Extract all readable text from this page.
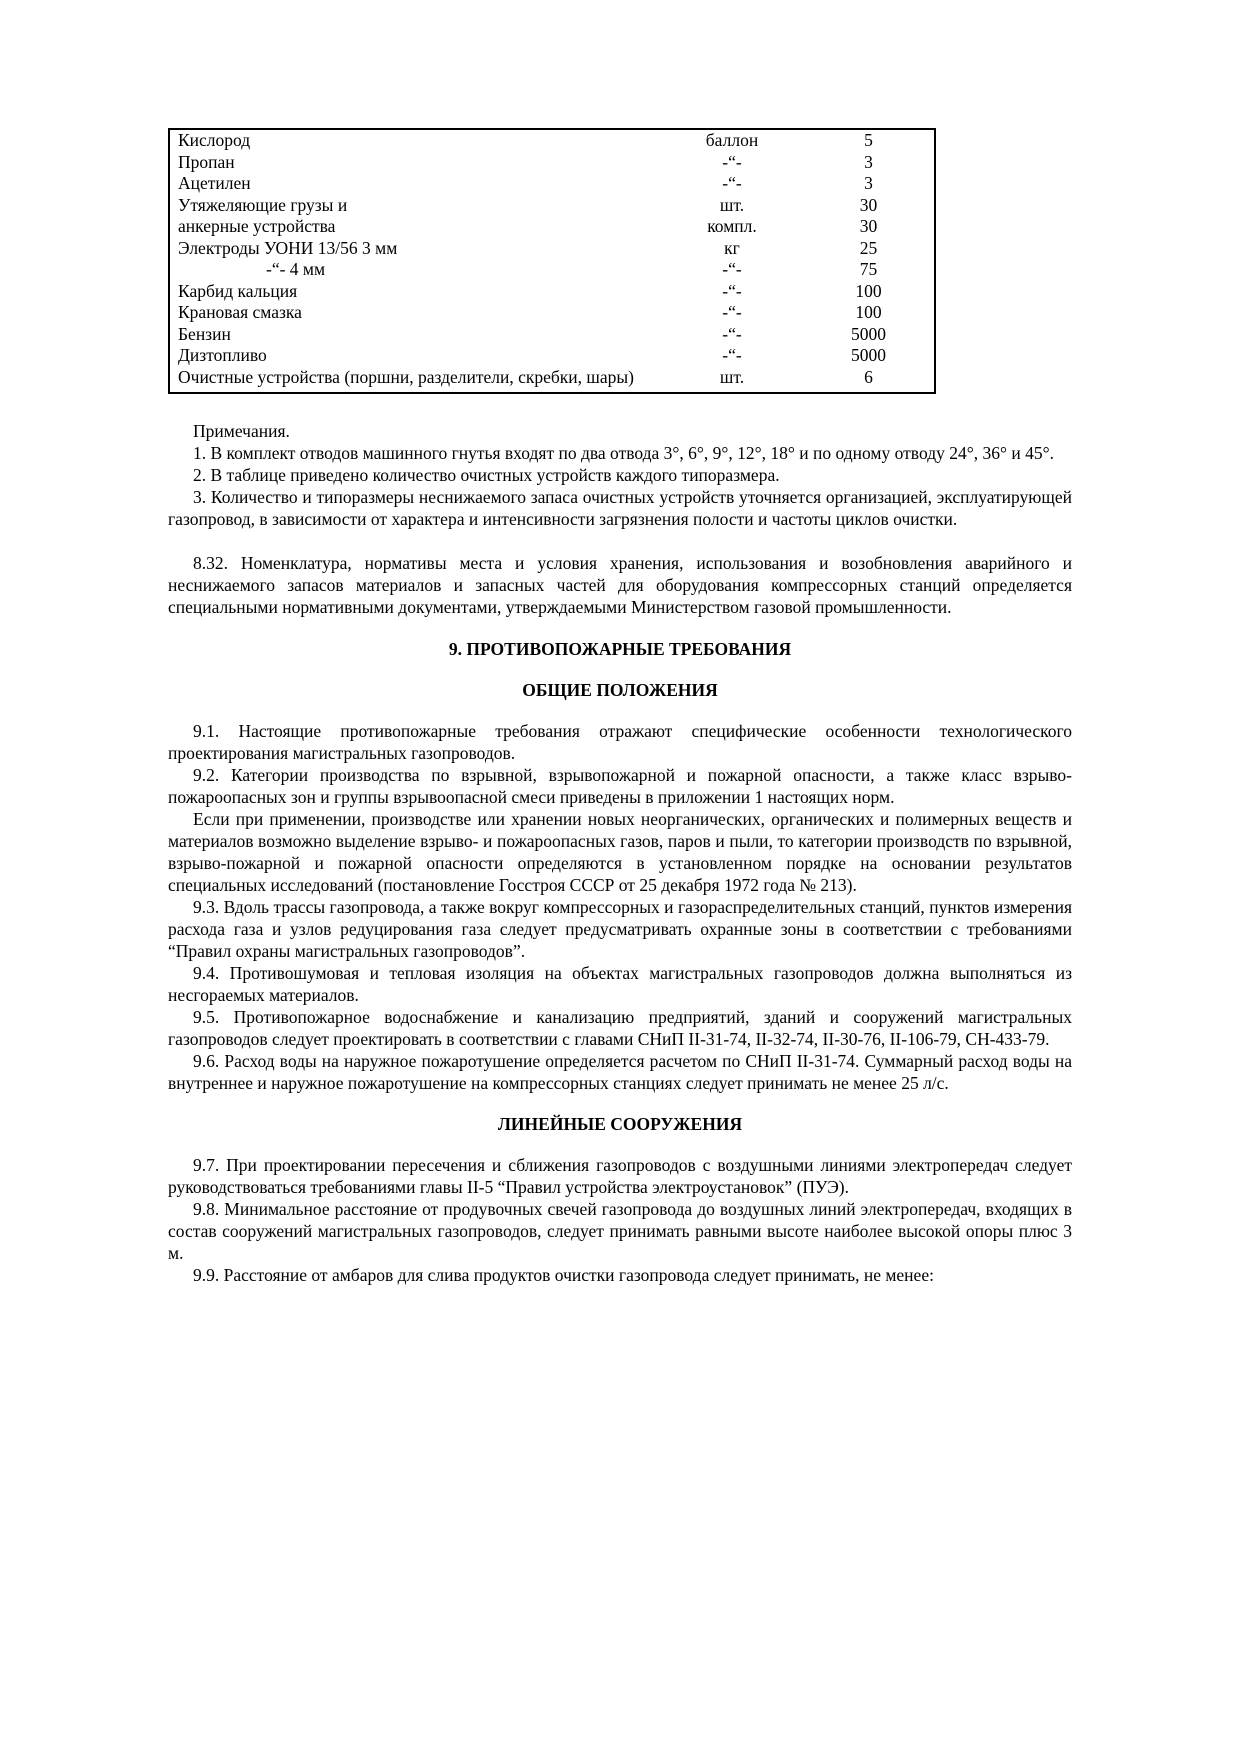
Кислород	баллон	5
Пропан	-“-	3
Ацетилен	-“-	3
Утяжеляющие грузы и	шт.	30
анкерные устройства	компл.	30
Электроды УОНИ 13/56 3 мм	кг	25
-“- 4 мм	-“-	75
Карбид кальция	-“-	100
Крановая смазка	-“-	100
Бензин	-“-	5000
Дизтопливо	-“-	5000
Очистные устройства (поршни, разделители, скребки, шары)	шт.	6

Примечания.

1. В комплект отводов машинного гнутья входят по два отвода 3°, 6°, 9°, 12°, 18° и по одному отводу 24°, 36° и 45°.

2. В таблице приведено количество очистных устройств каждого типоразмера.

3. Количество и типоразмеры неснижаемого запаса очистных устройств уточняется организацией, эксплуатирующей газопровод, в зависимости от характера и интенсивности загрязнения полости и частоты циклов очистки.

8.32. Номенклатура, нормативы места и условия хранения, использования и возобновления аварийного и неснижаемого запасов материалов и запасных частей для оборудования компрессорных станций определяется специальными нормативными документами, утверждаемыми Министерством газовой промышленности.

9. ПРОТИВОПОЖАРНЫЕ ТРЕБОВАНИЯ

ОБЩИЕ ПОЛОЖЕНИЯ

9.1. Настоящие противопожарные требования отражают специфические особенности технологического проектирования магистральных газопроводов.

9.2. Категории производства по взрывной, взрывопожарной и пожарной опасности, а также класс взрыво-пожароопасных зон и группы взрывоопасной смеси приведены в приложении 1 настоящих норм.

Если при применении, производстве или хранении новых неорганических, органических и полимерных веществ и материалов возможно выделение взрыво- и пожароопасных газов, паров и пыли, то категории производств по взрывной, взрыво-пожарной и пожарной опасности определяются в установленном порядке на основании результатов специальных исследований (постановление Госстроя СССР от 25 декабря 1972 года № 213).

9.3. Вдоль трассы газопровода, а также вокруг компрессорных и газораспределительных станций, пунктов измерения расхода газа и узлов редуцирования газа следует предусматривать охранные зоны в соответствии с требованиями “Правил охраны магистральных газопроводов”.

9.4. Противошумовая и тепловая изоляция на объектах магистральных газопроводов должна выполняться из несгораемых материалов.

9.5. Противопожарное водоснабжение и канализацию предприятий, зданий и сооружений магистральных газопроводов следует проектировать в соответствии с главами СНиП II-31-74, II-32-74, II-30-76, II-106-79, СН-433-79.

9.6. Расход воды на наружное пожаротушение определяется расчетом по СНиП II-31-74. Суммарный расход воды на внутреннее и наружное пожаротушение на компрессорных станциях следует принимать не менее 25 л/с.

ЛИНЕЙНЫЕ СООРУЖЕНИЯ

9.7. При проектировании пересечения и сближения газопроводов с воздушными линиями электропередач следует руководствоваться требованиями главы II-5 “Правил устройства электроустановок” (ПУЭ).

9.8. Минимальное расстояние от продувочных свечей газопровода до воздушных линий электропередач, входящих в состав сооружений магистральных газопроводов, следует принимать равными высоте наиболее высокой опоры плюс 3 м.

9.9. Расстояние от амбаров для слива продуктов очистки газопровода следует принимать, не менее:
